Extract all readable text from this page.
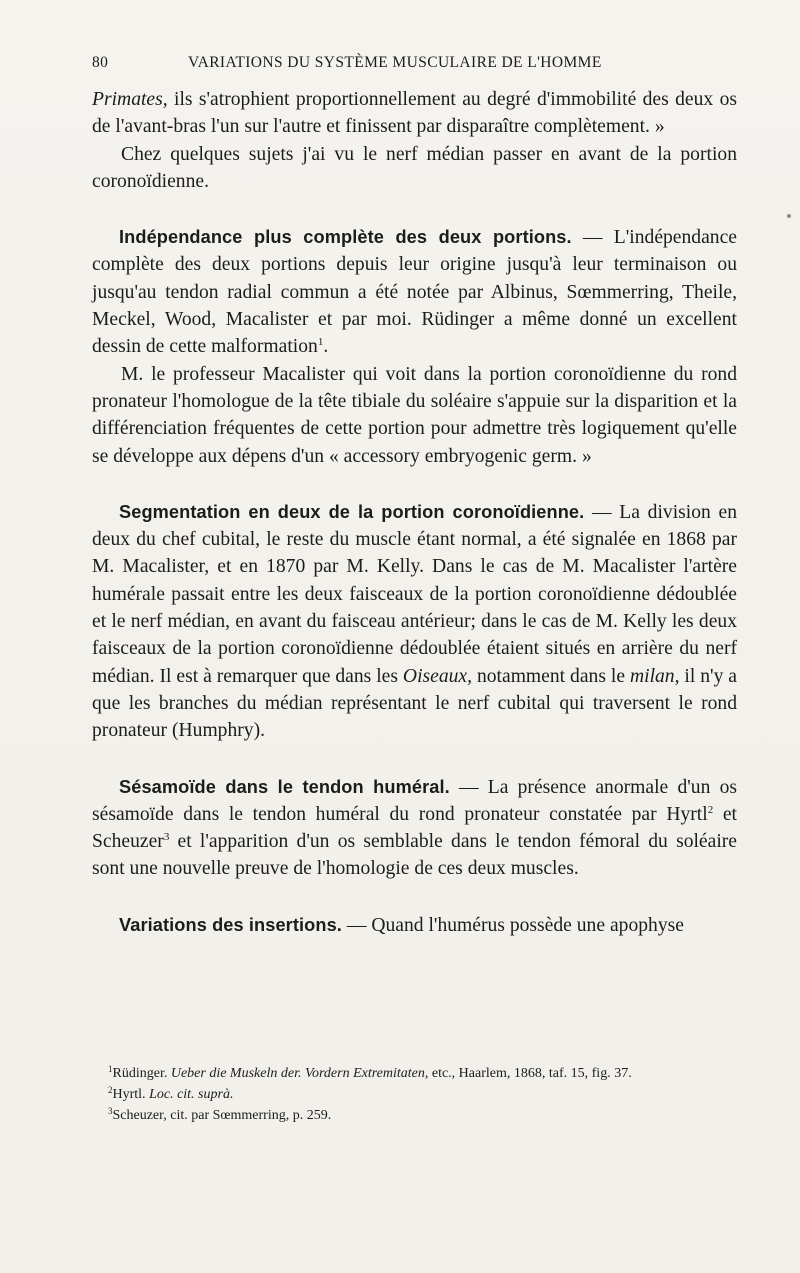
80	VARIATIONS DU SYSTÈME MUSCULAIRE DE L'HOMME

Primates, ils s'atrophient proportionnellement au degré d'immobilité des deux os de l'avant-bras l'un sur l'autre et finissent par disparaître complètement. »

Chez quelques sujets j'ai vu le nerf médian passer en avant de la portion coronoïdienne.

Indépendance plus complète des deux portions. — L'indépendance complète des deux portions depuis leur origine jusqu'à leur terminaison ou jusqu'au tendon radial commun a été notée par Albinus, Sœmmerring, Theile, Meckel, Wood, Macalister et par moi. Rüdinger a même donné un excellent dessin de cette malformation$^1$.

M. le professeur Macalister qui voit dans la portion coronoïdienne du rond pronateur l'homologue de la tête tibiale du soléaire s'appuie sur la disparition et la différenciation fréquentes de cette portion pour admettre très logiquement qu'elle se développe aux dépens d'un « accessory embryogenic germ. »

Segmentation en deux de la portion coronoïdienne. — La division en deux du chef cubital, le reste du muscle étant normal, a été signalée en 1868 par M. Macalister, et en 1870 par M. Kelly. Dans le cas de M. Macalister l'artère humérale passait entre les deux faisceaux de la portion coronoïdienne dédoublée et le nerf médian, en avant du faisceau antérieur; dans le cas de M. Kelly les deux faisceaux de la portion coronoïdienne dédoublée étaient situés en arrière du nerf médian. Il est à remarquer que dans les Oiseaux, notamment dans le milan, il n'y a que les branches du médian représentant le nerf cubital qui traversent le rond pronateur (Humphry).

Sésamoïde dans le tendon huméral. — La présence anormale d'un os sésamoïde dans le tendon huméral du rond pronateur constatée par Hyrtl$^2$ et Scheuzer$^3$ et l'apparition d'un os semblable dans le tendon fémoral du soléaire sont une nouvelle preuve de l'homologie de ces deux muscles.

Variations des insertions. — Quand l'humérus possède une apophyse

$^1$Rüdinger. Ueber die Muskeln der. Vordern Extremitaten, etc., Haarlem, 1868, taf. 15, fig. 37.

$^2$Hyrtl. Loc. cit. suprà.

$^3$Scheuzer, cit. par Sœmmerring, p. 259.
